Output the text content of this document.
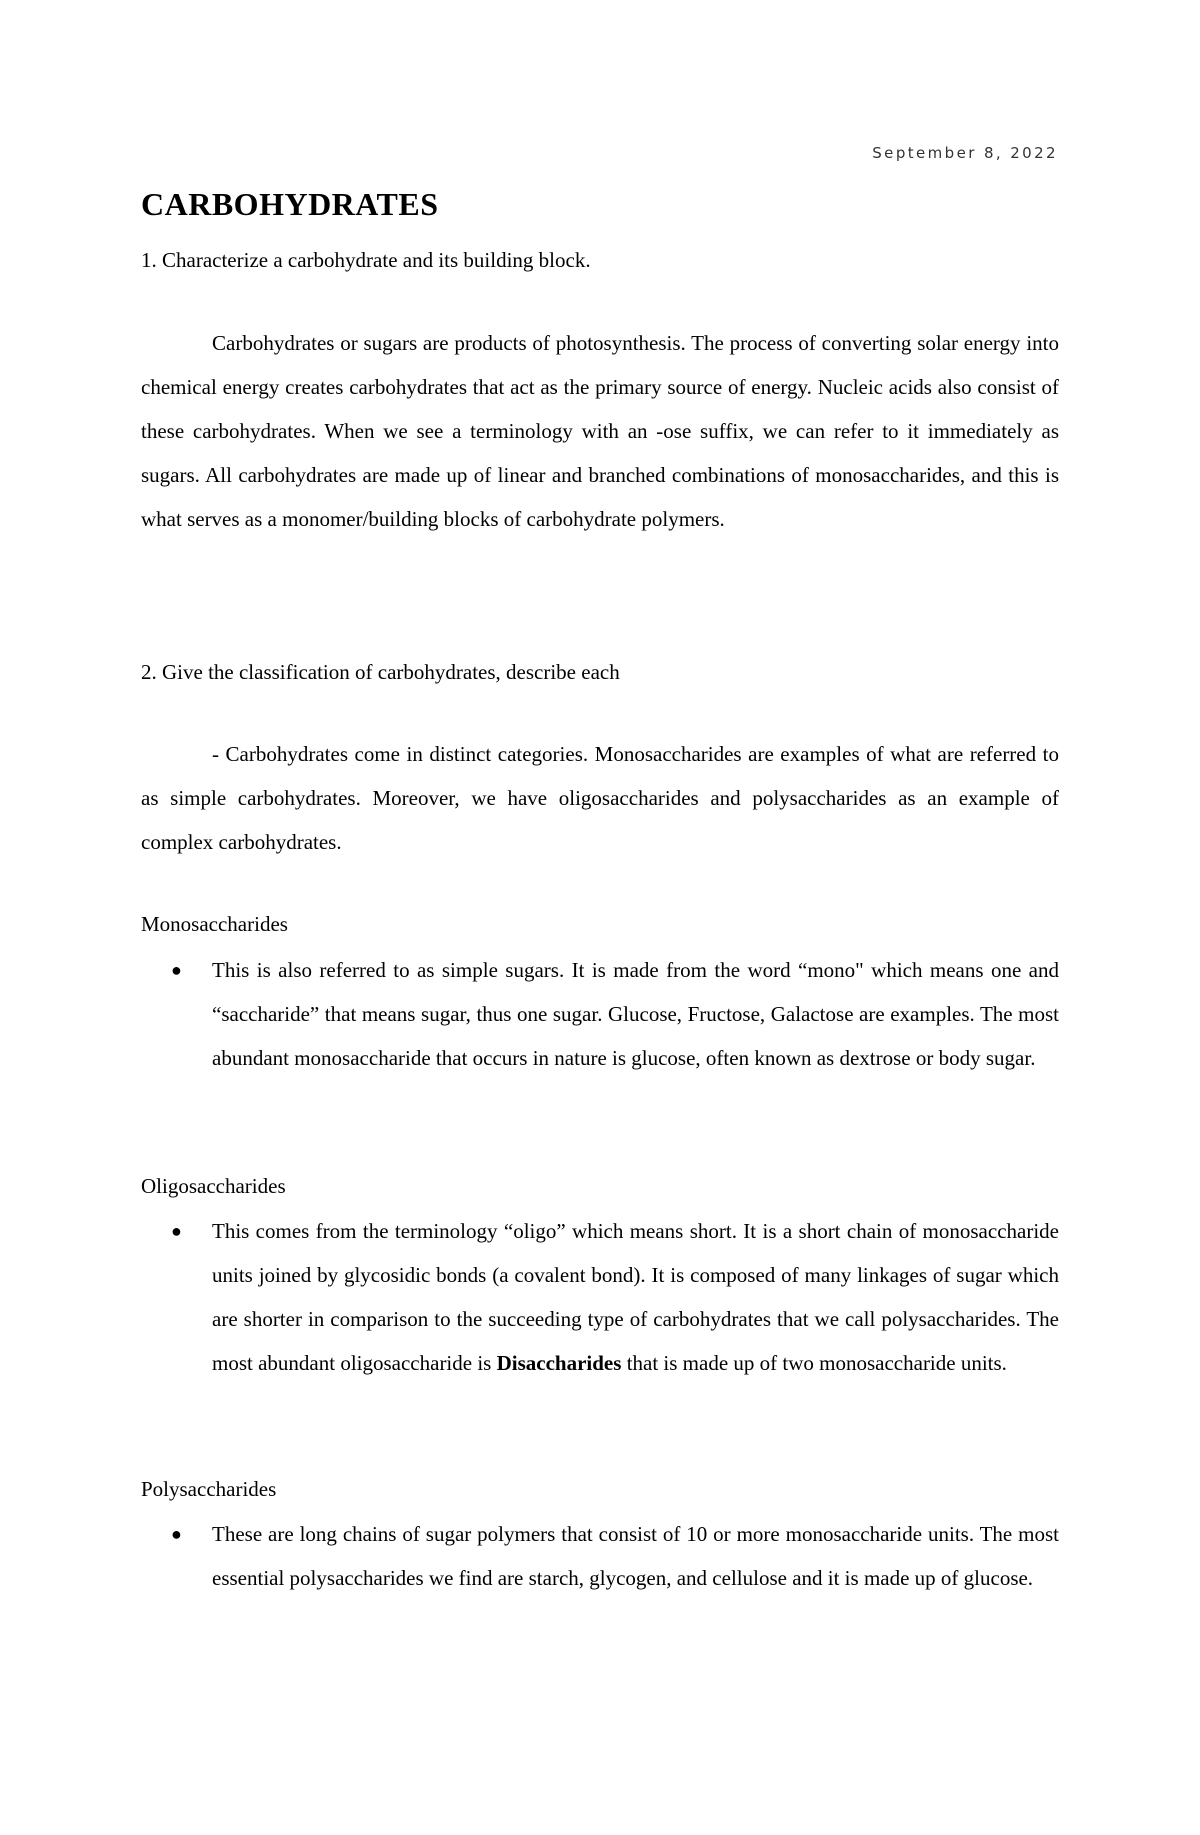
September 8, 2022
CARBOHYDRATES

1. Characterize a carbohydrate and its building block.

Carbohydrates or sugars are products of photosynthesis. The process of converting solar energy into chemical energy creates carbohydrates that act as the primary source of energy. Nucleic acids also consist of these carbohydrates. When we see a terminology with an -ose suffix, we can refer to it immediately as sugars. All carbohydrates are made up of linear and branched combinations of monosaccharides, and this is what serves as a monomer/building blocks of carbohydrate polymers.

2. Give the classification of carbohydrates, describe each

- Carbohydrates come in distinct categories. Monosaccharides are examples of what are referred to as simple carbohydrates. Moreover, we have oligosaccharides and polysaccharides as an example of complex carbohydrates.

Monosaccharides

● This is also referred to as simple sugars. It is made from the word “mono" which means one and “saccharide” that means sugar, thus one sugar. Glucose, Fructose, Galactose are examples. The most abundant monosaccharide that occurs in nature is glucose, often known as dextrose or body sugar.

Oligosaccharides

● This comes from the terminology “oligo” which means short. It is a short chain of monosaccharide units joined by glycosidic bonds (a covalent bond). It is composed of many linkages of sugar which are shorter in comparison to the succeeding type of carbohydrates that we call polysaccharides. The most abundant oligosaccharide is Disaccharides that is made up of two monosaccharide units.

Polysaccharides

● These are long chains of sugar polymers that consist of 10 or more monosaccharide units. The most essential polysaccharides we find are starch, glycogen, and cellulose and it is made up of glucose.
